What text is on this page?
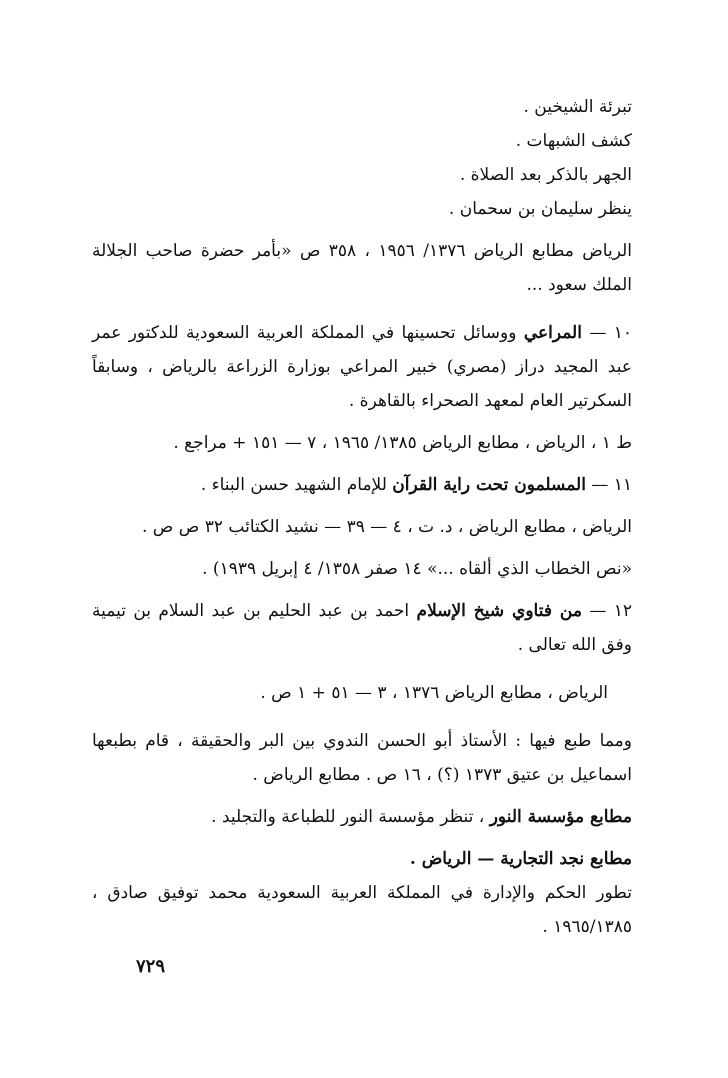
تبرئة الشيخين .

كشف الشبهات .

الجهر بالذكر بعد الصلاة .

ينظر سليمان بن سحمان .

الرياض مطابع الرياض ١٣٧٦/ ١٩٥٦ ، ٣٥٨ ص «بأمر حضرة صاحب الجلالة الملك سعود ...

١٠ — المراعي ووسائل تحسينها في المملكة العربية السعودية للدكتور عمر عبد المجيد دراز (مصري) خبير المراعي بوزارة الزراعة بالرياض ، وسابقاً السكرتير العام لمعهد الصحراء بالقاهرة .

ط ١ ، الرياض ، مطابع الرياض ١٣٨٥/ ١٩٦٥ ، ٧ — ١٥١ + مراجع .

١١ — المسلمون تحت راية القرآن للإمام الشهيد حسن البناء .

الرياض ، مطابع الرياض ، د. ت ، ٤ — ٣٩ — نشيد الكتائب ٣٢ ص ص .

«نص الخطاب الذي ألقاه ...» ١٤ صفر ١٣٥٨/ ٤ إبريل ١٩٣٩) .

١٢ — من فتاوي شيخ الإسلام احمد بن عبد الحليم بن عبد السلام بن تيمية وفق الله تعالى .

الرياض ، مطابع الرياض ١٣٧٦ ، ٣ — ٥١ + ١ ص .

ومما طبع فيها : الأستاذ أبو الحسن الندوي بين البر والحقيقة ، قام بطبعها اسماعيل بن عتيق ١٣٧٣ (؟) ، ١٦ ص . مطابع الرياض .

مطابع مؤسسة النور ، تنظر مؤسسة النور للطباعة والتجليد .

مطابع نجد التجارية — الرياض .

تطور الحكم والإدارة في المملكة العربية السعودية محمد توفيق صادق ، ١٩٦٥/١٣٨٥ .

٧٢٩
